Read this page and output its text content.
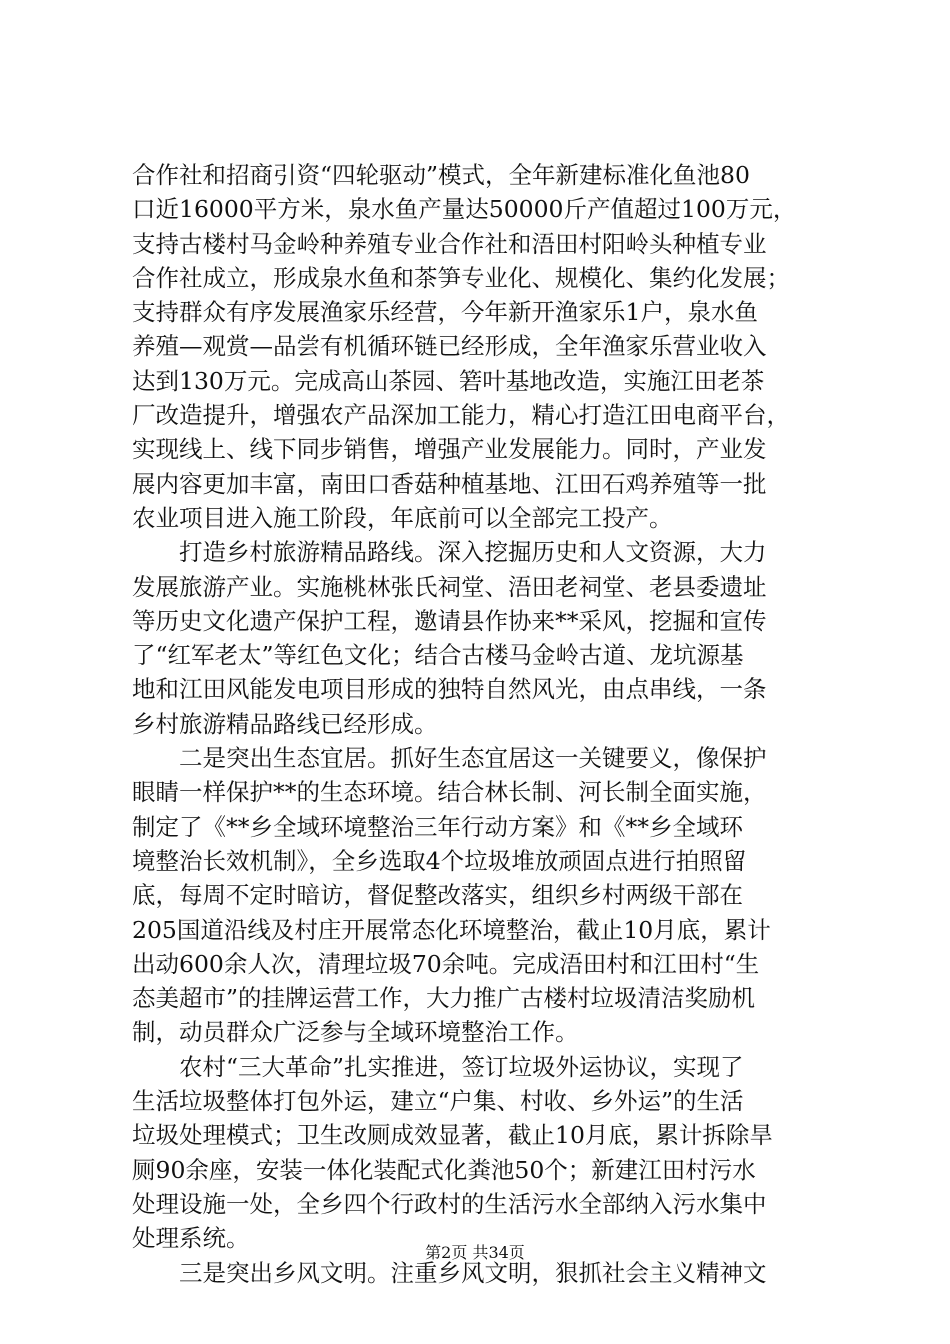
合作社和招商引资“四轮驱动”模式，全年新建标准化鱼池80
口近16000平方米，泉水鱼产量达50000斤产值超过100万元，
支持古楼村马金岭种养殖专业合作社和浯田村阳岭头种植专业
合作社成立，形成泉水鱼和茶笋专业化、规模化、集约化发展；
支持群众有序发展渔家乐经营，今年新开渔家乐1户，泉水鱼
养殖—观赏—品尝有机循环链已经形成，全年渔家乐营业收入
达到130万元。完成高山茶园、箬叶基地改造，实施江田老茶
厂改造提升，增强农产品深加工能力，精心打造江田电商平台，
实现线上、线下同步销售，增强产业发展能力。同时，产业发
展内容更加丰富，南田口香菇种植基地、江田石鸡养殖等一批
农业项目进入施工阶段，年底前可以全部完工投产。
　　打造乡村旅游精品路线。深入挖掘历史和人文资源，大力
发展旅游产业。实施桃林张氏祠堂、浯田老祠堂、老县委遗址
等历史文化遗产保护工程，邀请县作协来**采风，挖掘和宣传
了“红军老太”等红色文化；结合古楼马金岭古道、龙坑源基
地和江田风能发电项目形成的独特自然风光，由点串线，一条
乡村旅游精品路线已经形成。
　　二是突出生态宜居。抓好生态宜居这一关键要义，像保护
眼睛一样保护**的生态环境。结合林长制、河长制全面实施，
制定了《**乡全域环境整治三年行动方案》和《**乡全域环
境整治长效机制》，全乡选取4个垃圾堆放顽固点进行拍照留
底，每周不定时暗访，督促整改落实，组织乡村两级干部在
205国道沿线及村庄开展常态化环境整治，截止10月底，累计
出动600余人次，清理垃圾70余吨。完成浯田村和江田村“生
态美超市”的挂牌运营工作，大力推广古楼村垃圾清洁奖励机
制，动员群众广泛参与全域环境整治工作。
　　农村“三大革命”扎实推进，签订垃圾外运协议，实现了
生活垃圾整体打包外运，建立“户集、村收、乡外运”的生活
垃圾处理模式；卫生改厕成效显著，截止10月底，累计拆除旱
厕90余座，安装一体化装配式化粪池50个；新建江田村污水
处理设施一处，全乡四个行政村的生活污水全部纳入污水集中
处理系统。
　　三是突出乡风文明。注重乡风文明，狠抓社会主义精神文
第2页 共34页
